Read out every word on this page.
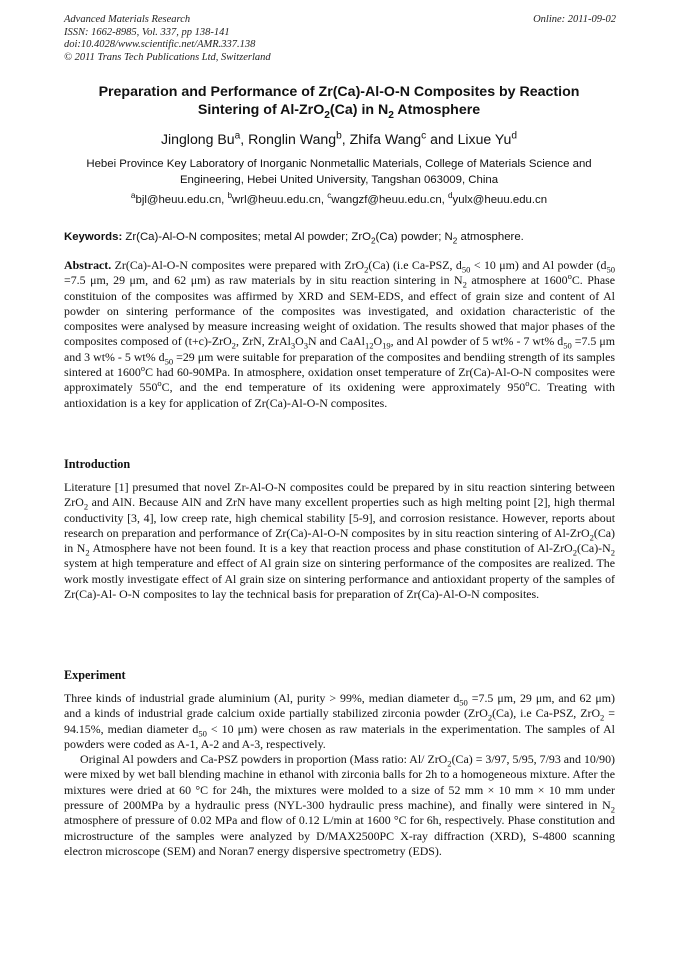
Advanced Materials Research
ISSN: 1662-8985, Vol. 337, pp 138-141
doi:10.4028/www.scientific.net/AMR.337.138
© 2011 Trans Tech Publications Ltd, Switzerland
Online: 2011-09-02
Preparation and Performance of Zr(Ca)-Al-O-N Composites by Reaction
Sintering of Al-ZrO$_2$(Ca) in $N_2$ Atmosphere
Jinglong Bu$^a$, Ronglin Wang$^b$, Zhifa Wang$^c$ and Lixue Yu$^d$
Hebei Province Key Laboratory of Inorganic Nonmetallic Materials, College of Materials Science and
Engineering, Hebei United University, Tangshan 063009, China
$^a$bjl@heuu.edu.cn, $^b$wrl@heuu.edu.cn, $^c$wangzf@heuu.edu.cn, $^d$yulx@heuu.edu.cn
Keywords: Zr(Ca)-Al-O-N composites; metal Al powder; ZrO$_2$(Ca) powder; $N_2$ atmosphere.
Abstract. Zr(Ca)-Al-O-N composites were prepared with ZrO$_2$(Ca) (i.e Ca-PSZ, $d_{50} < 10$ μm) and Al powder ($d_{50} =7.5$ μm, 29 μm, and 62 μm) as raw materials by in situ reaction sintering in $N_2$ atmosphere at 1600$^o$C. Phase constituion of the composites was affirmed by XRD and SEM-EDS, and effect of grain size and content of Al powder on sintering performance of the composites was investigated, and oxidation characteristic of the composites were analysed by measure increasing weight of oxidation. The results showed that major phases of the composites composed of (t+c)-ZrO$_2$, ZrN, $ZrAl_3O_3N$ and $CaAl_{12}O_{19}$, and Al powder of 5 wt% - 7 wt% $d_{50} =7.5$ μm and 3 wt% - 5 wt% $d_{50} =29$ μm were suitable for preparation of the composites and bendiing strength of its samples sintered at 1600$^o$C had 60-90MPa. In atmosphere, oxidation onset temperature of Zr(Ca)-Al-O-N composites were approximately 550$^o$C, and the end temperature of its oxidening were approximately 950$^o$C. Treating with antioxidation is a key for application of Zr(Ca)-Al-O-N composites.
Introduction
Literature [1] presumed that novel Zr-Al-O-N composites could be prepared by in situ reaction sintering between ZrO$_2$ and AlN. Because AlN and ZrN have many excellent properties such as high melting point [2], high thermal conductivity [3, 4], low creep rate, high chemical stability [5-9], and corrosion resistance. However, reports about research on preparation and performance of Zr(Ca)-Al-O-N composites by in situ reaction sintering of Al-ZrO$_2$(Ca) in $N_2$ Atmosphere have not been found. It is a key that reaction process and phase constitution of $Al-ZrO_2(Ca)-N_2$ system at high temperature and effect of Al grain size on sintering performance of the composites are realized. The work mostly investigate effect of Al grain size on sintering performance and antioxidant property of the samples of Zr(Ca)-Al- O-N composites to lay the technical basis for preparation of Zr(Ca)-Al-O-N composites.
Experiment

Three kinds of industrial grade aluminium (Al, purity > 99%, median diameter $d_{50} =7.5$ μm, 29 μm, and 62 μm) and a kinds of industrial grade calcium oxide partially stabilized zirconia powder (ZrO$_2$(Ca), i.e Ca-PSZ, ZrO$_2$ = 94.15%, median diameter $d_{50} < 10$ μm) were chosen as raw materials in the experimentation. The samples of Al powders were coded as A-1, A-2 and A-3, respectively.

Original Al powders and Ca-PSZ powders in proportion (Mass ratio: Al/ ZrO$_2$(Ca) = 3/97, 5/95, 7/93 and 10/90) were mixed by wet ball blending machine in ethanol with zirconia balls for 2h to a homogeneous mixture. After the mixtures were dried at 60 °C for 24h, the mixtures were molded to a size of 52 mm × 10 mm × 10 mm under pressure of 200MPa by a hydraulic press (NYL-300 hydraulic press machine), and finally were sintered in $N_2$ atmosphere of pressure of 0.02 MPa and flow of 0.12 L/min at 1600 °C for 6h, respectively. Phase constitution and microstructure of the samples were analyzed by D/MAX2500PC X-ray diffraction (XRD), S-4800 scanning electron microscope (SEM) and Noran7 energy dispersive spectrometry (EDS).
